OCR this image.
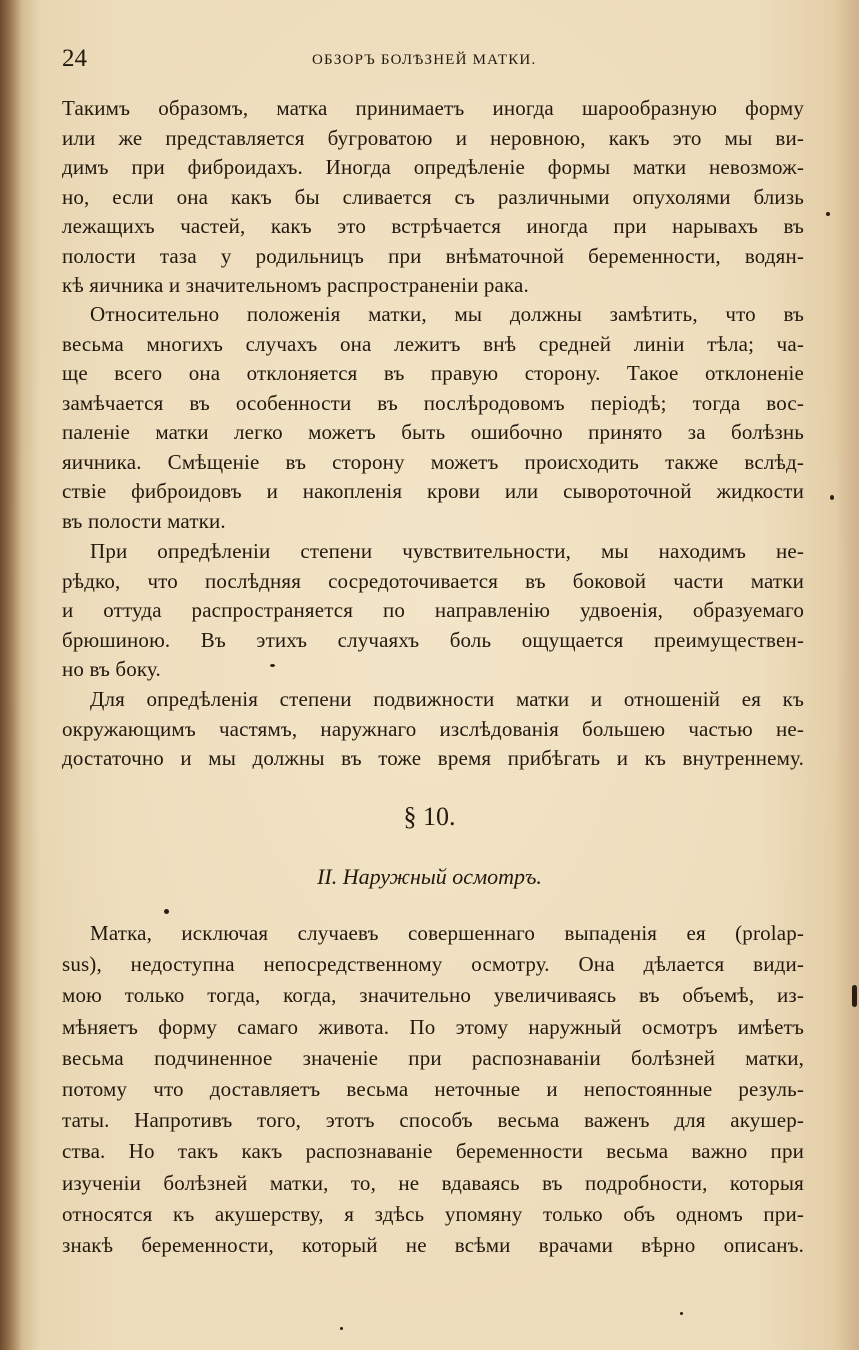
24	ОБЗОРЪ БОЛѢЗНЕЙ МАТКИ.
Такимъ образомъ, матка принимаетъ иногда шарообразную форму
или же представляется бугроватою и неровною, какъ это мы ви-
димъ при фиброидахъ. Иногда опредѣленіе формы матки невозмож-
но, если она какъ бы сливается съ различными опухолями близь
лежащихъ частей, какъ это встрѣчается иногда при нарывахъ въ
полости таза у родильницъ при внѣматочной беременности, водян-
кѣ яичника и значительномъ распространеніи рака.
Относительно положенія матки, мы должны замѣтить, что въ
весьма многихъ случахъ она лежитъ внѣ средней линіи тѣла; ча-
ще всего она отклоняется въ правую сторону. Такое отклоненіе
замѣчается въ особенности въ послѣродовомъ періодѣ; тогда вос-
паленіе матки легко можетъ быть ошибочно принято за болѣзнь
яичника. Смѣщеніе въ сторону можетъ происходить также вслѣд-
ствіе фиброидовъ и накопленія крови или сывороточной жидкости
въ полости матки.
При опредѣленіи степени чувствительности, мы находимъ не-
рѣдко, что послѣдняя сосредоточивается въ боковой части матки
и оттуда распространяется по направленію удвоенія, образуемаго
брюшиною. Въ этихъ случаяхъ боль ощущается преимуществен-
но въ боку.
Для опредѣленія степени подвижности матки и отношеній ея къ
окружающимъ частямъ, наружнаго изслѣдованія большею частью не-
достаточно и мы должны въ тоже время прибѣгать и къ внутреннему.
§ 10.
II. Наружный осмотръ.
Матка, исключая случаевъ совершеннаго выпаденія ея (prolap-
sus), недоступна непосредственному осмотру. Она дѣлается види-
мою только тогда, когда, значительно увеличиваясь въ объемѣ, из-
мѣняетъ форму самаго живота. По этому наружный осмотръ имѣетъ
весьма подчиненное значеніе при распознаваніи болѣзней матки,
потому что доставляетъ весьма неточные и непостоянные резуль-
таты. Напротивъ того, этотъ способъ весьма важенъ для акушер-
ства. Но такъ какъ распознаваніе беременности весьма важно при
изученіи болѣзней матки, то, не вдаваясь въ подробности, которыя
относятся къ акушерству, я здѣсь упомяну только объ одномъ при-
знакѣ беременности, который не всѣми врачами вѣрно описанъ.
